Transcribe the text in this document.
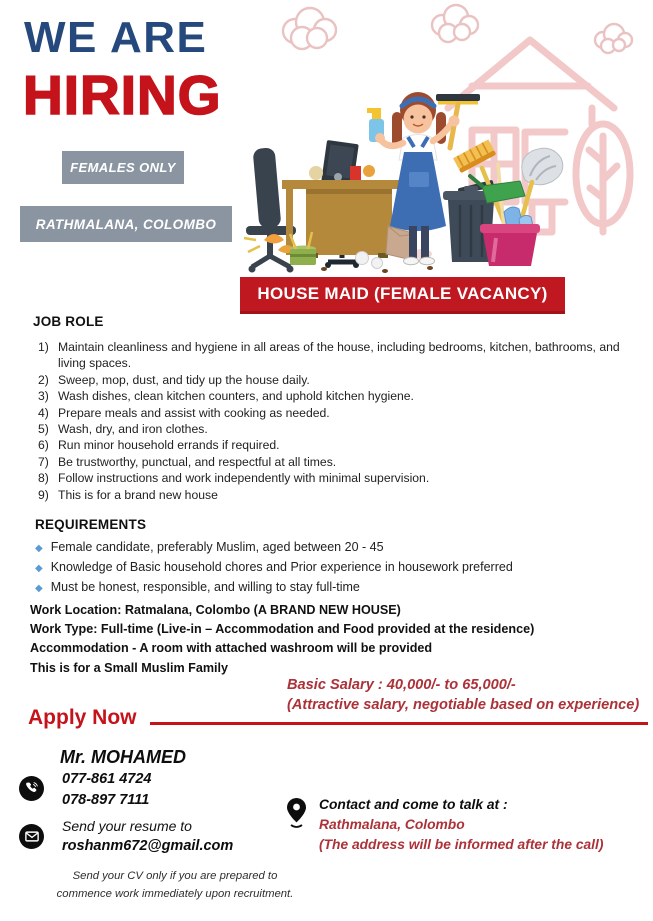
WE ARE
HIRING
FEMALES ONLY
RATHMALANA, COLOMBO
HOUSE MAID (FEMALE VACANCY)
JOB ROLE
1) Maintain cleanliness and hygiene in all areas of the house, including bedrooms, kitchen, bathrooms, and living spaces.
2) Sweep, mop, dust, and tidy up the house daily.
3) Wash dishes, clean kitchen counters, and uphold kitchen hygiene.
4) Prepare meals and assist with cooking as needed.
5) Wash, dry, and iron clothes.
6) Run minor household errands if required.
7) Be trustworthy, punctual, and respectful at all times.
8) Follow instructions and work independently with minimal supervision.
9) This is for a brand new house
REQUIREMENTS
◆ Female candidate, preferably Muslim, aged between 20 - 45
◆ Knowledge of Basic household chores and Prior experience in housework preferred
◆ Must be honest, responsible, and willing to stay full-time
Work Location: Ratmalana, Colombo (A BRAND NEW HOUSE)
Work Type: Full-time (Live-in – Accommodation and Food provided at the residence)
Accommodation - A room with attached washroom will be provided
This is for a Small Muslim Family
Basic Salary : 40,000/- to 65,000/-
(Attractive salary, negotiable based on experience)
Apply Now
Mr. MOHAMED
077-861 4724
078-897 7111
Send your resume to
roshanm672@gmail.com
Contact and come to talk at :
Rathmalana, Colombo
(The address will be informed after the call)
Send your CV only if you are prepared to
commence work immediately upon recruitment.
